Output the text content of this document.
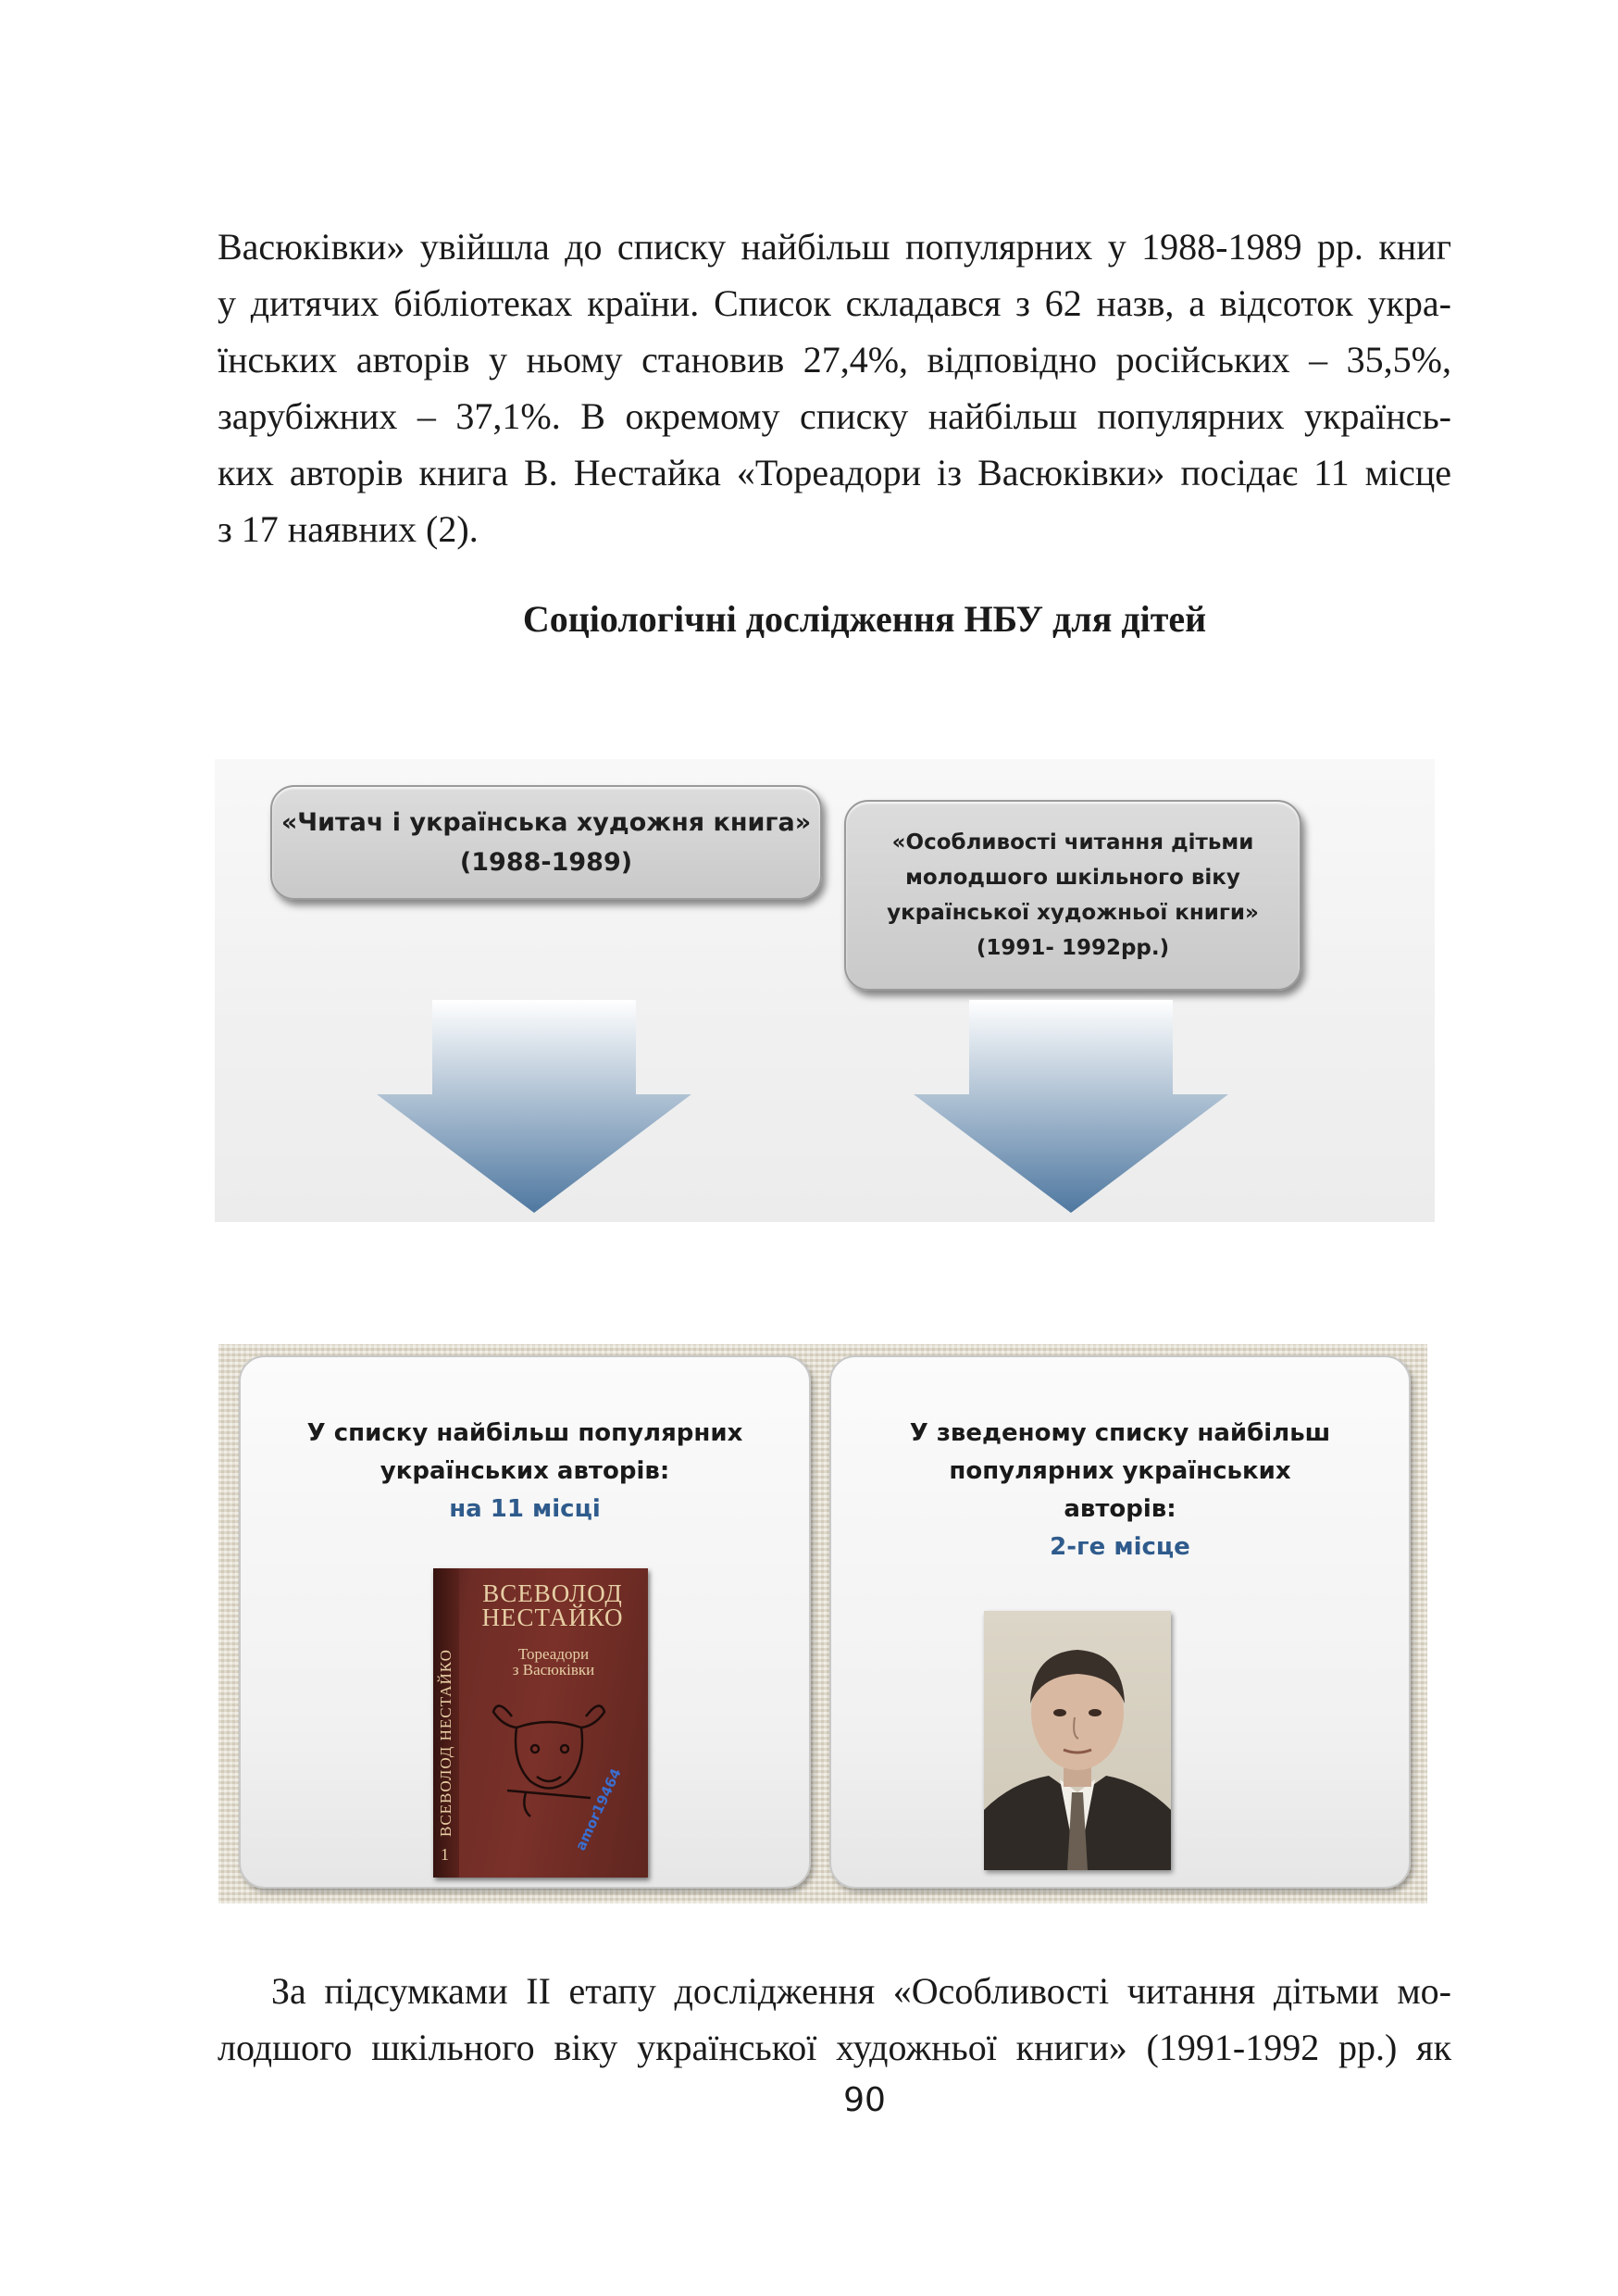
Васюківки» увійшла до списку найбільш популярних у 1988-1989 рр. книг
у дитячих бібліотеках країни. Список складався з 62 назв, а відсоток укра-
їнських авторів у ньому становив 27,4%, відповідно російських – 35,5%,
зарубіжних – 37,1%. В окремому списку найбільш популярних українсь-
ких авторів книга В. Нестайка «Тореадори із Васюківки» посідає 11 місце
з 17 наявних (2).
Соціологічні дослідження НБУ для дітей
«Читач і українська художня книга»
(1988-1989)
«Особливості читання дітьми
молодшого шкільного віку
української художньої книги»
(1991- 1992рр.)
У списку найбільш популярних
українських авторів:
на 11 місці
ВСЕВОЛОД
НЕСТАЙКО
Тореадори
з Васюківки
ВСЕВОЛОД НЕСТАЙКО
1
amor19464
У зведеному списку найбільш
популярних українських
авторів:
2-ге місце
За підсумками ІІ етапу дослідження «Особливості читання дітьми мо-
лодшого шкільного віку української художньої книги» (1991-1992 рр.) як
90
